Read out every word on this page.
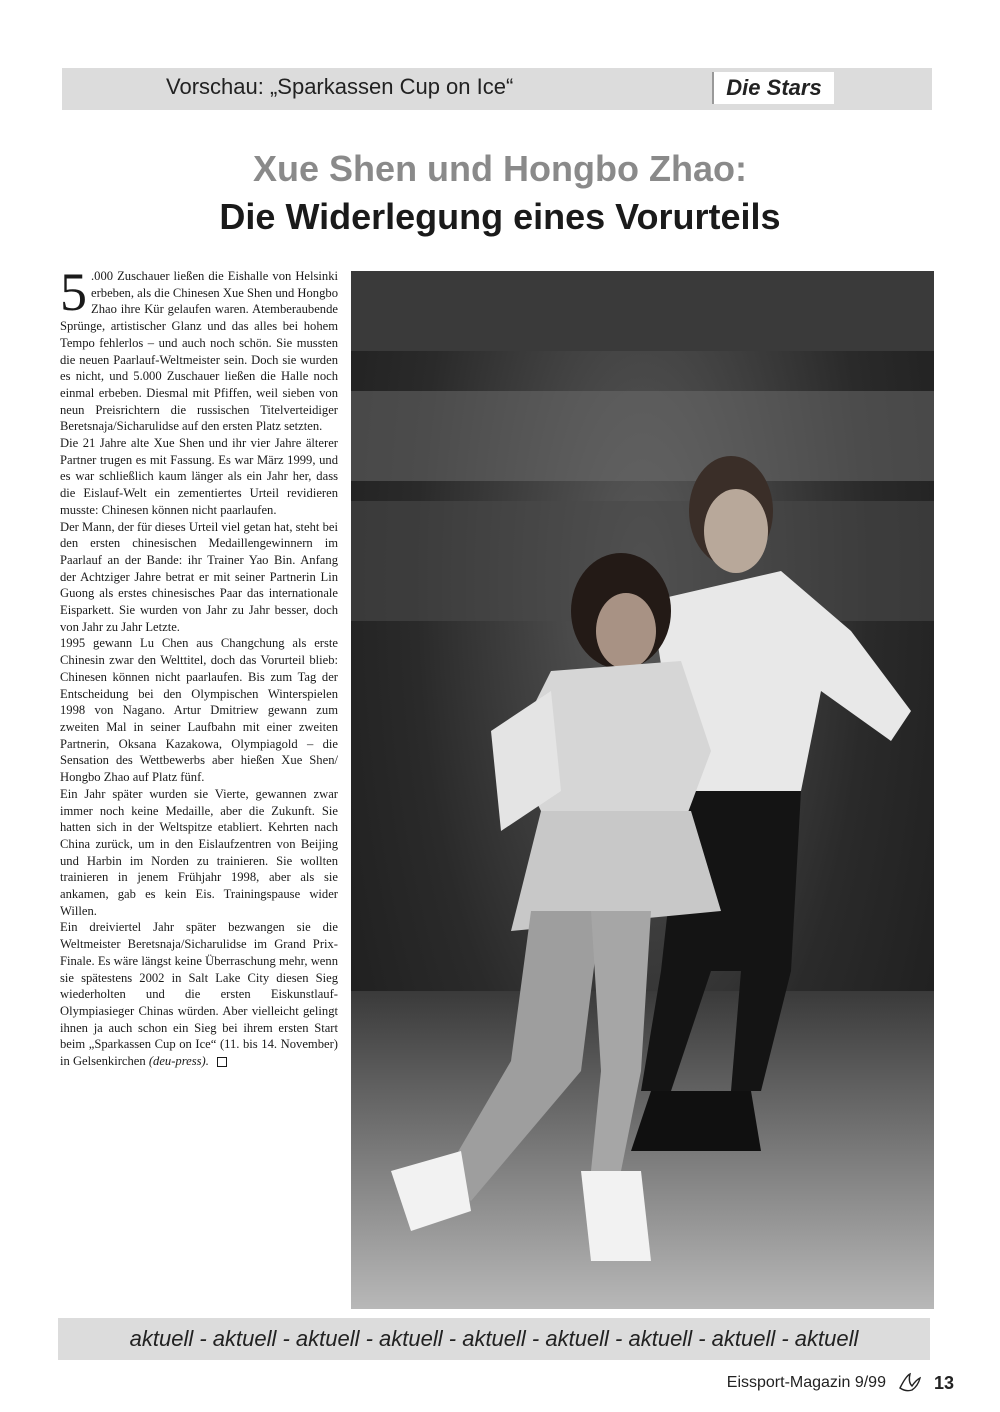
Vorschau: „Sparkassen Cup on Ice“	Die Stars
Xue Shen und Hongbo Zhao:
Die Widerlegung eines Vorurteils

5 .000 Zuschauer ließen die Eishalle von Helsinki erbeben, als die Chinesen Xue Shen und Hongbo Zhao ihre Kür gelaufen waren. Atemberaubende Sprünge, artistischer Glanz und das alles bei hohem Tempo fehlerlos – und auch noch schön. Sie mussten die neuen Paarlauf-Weltmeister sein. Doch sie wurden es nicht, und 5.000 Zuschauer ließen die Halle noch einmal erbeben. Diesmal mit Pfiffen, weil sieben von neun Preisrichtern die russischen Titelverteidiger Beretsnaja/Sicharulidse auf den ersten Platz setzten.

Die 21 Jahre alte Xue Shen und ihr vier Jahre älterer Partner trugen es mit Fassung. Es war März 1999, und es war schließlich kaum länger als ein Jahr her, dass die Eislauf-Welt ein zementiertes Urteil revidieren musste: Chinesen können nicht paarlaufen.

Der Mann, der für dieses Urteil viel getan hat, steht bei den ersten chinesischen Medaillengewinnern im Paarlauf an der Bande: ihr Trainer Yao Bin. Anfang der Achtziger Jahre betrat er mit seiner Partnerin Lin Guong als erstes chinesisches Paar das internationale Eisparkett. Sie wurden von Jahr zu Jahr besser, doch von Jahr zu Jahr Letzte.

1995 gewann Lu Chen aus Changchung als erste Chinesin zwar den Welttitel, doch das Vorurteil blieb: Chinesen können nicht paarlaufen. Bis zum Tag der Entscheidung bei den Olympischen Winterspielen 1998 von Nagano. Artur Dmitriew gewann zum zweiten Mal in seiner Laufbahn mit einer zweiten Partnerin, Oksana Kazakowa, Olympiagold – die Sensation des Wettbewerbs aber hießen Xue Shen/ Hongbo Zhao auf Platz fünf.

Ein Jahr später wurden sie Vierte, gewannen zwar immer noch keine Medaille, aber die Zukunft. Sie hatten sich in der Weltspitze etabliert. Kehrten nach China zurück, um in den Eislaufzentren von Beijing und Harbin im Norden zu trainieren. Sie wollten trainieren in jenem Frühjahr 1998, aber als sie ankamen, gab es kein Eis. Trainingspause wider Willen.

Ein dreiviertel Jahr später bezwangen sie die Weltmeister Beretsnaja/Sicharulidse im Grand Prix-Finale. Es wäre längst keine Überraschung mehr, wenn sie spätestens 2002 in Salt Lake City diesen Sieg wiederholten und die ersten Eiskunstlauf-Olympiasieger Chinas würden. Aber vielleicht gelingt ihnen ja auch schon ein Sieg bei ihrem ersten Start beim „Sparkassen Cup on Ice“ (11. bis 14. November) in Gelsenkirchen (deu-press).

aktuell - aktuell - aktuell - aktuell - aktuell - aktuell - aktuell - aktuell - aktuell
Eissport-Magazin 9/99	13
